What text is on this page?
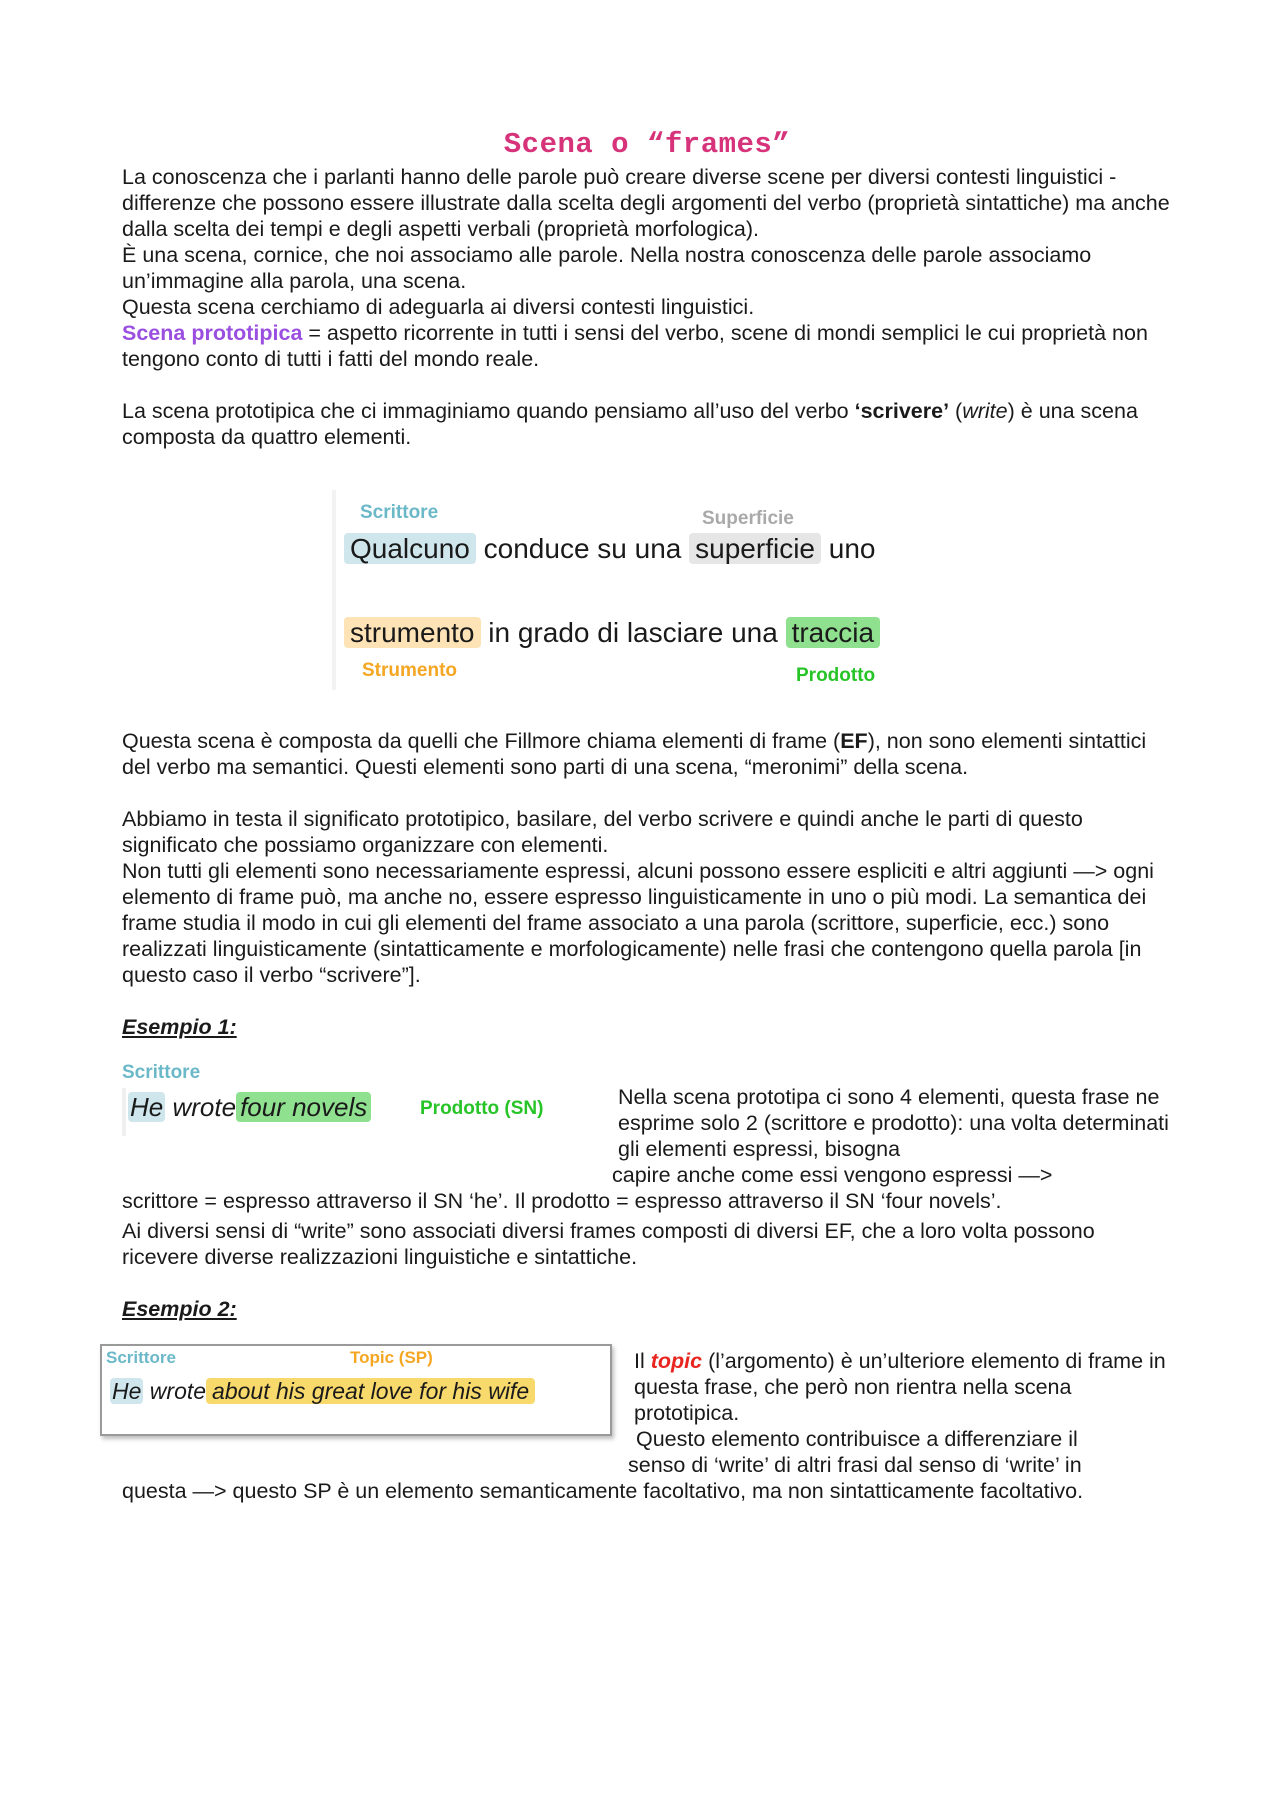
Scena o “frames”

La conoscenza che i parlanti hanno delle parole può creare diverse scene per diversi contesti linguistici - differenze che possono essere illustrate dalla scelta degli argomenti del verbo (proprietà sintattiche) ma anche dalla scelta dei tempi e degli aspetti verbali (proprietà morfologica).

È una scena, cornice, che noi associamo alle parole. Nella nostra conoscenza delle parole associamo un’immagine alla parola, una scena.

Questa scena cerchiamo di adeguarla ai diversi contesti linguistici.

Scena prototipica = aspetto ricorrente in tutti i sensi del verbo, scene di mondi semplici le cui proprietà non tengono conto di tutti i fatti del mondo reale.

La scena prototipica che ci immaginiamo quando pensiamo all’uso del verbo ‘scrivere’ (write) è una scena composta da quattro elementi.

Scrittore	Superficie
Qualcuno conduce su una superficie uno
strumento in grado di lasciare una traccia
Strumento	Prodotto

Questa scena è composta da quelli che Fillmore chiama elementi di frame (EF), non sono elementi sintattici del verbo ma semantici. Questi elementi sono parti di una scena, “meronimi” della scena.

Abbiamo in testa il significato prototipico, basilare, del verbo scrivere e quindi anche le parti di questo significato che possiamo organizzare con elementi.

Non tutti gli elementi sono necessariamente espressi, alcuni possono essere espliciti e altri aggiunti —> ogni elemento di frame può, ma anche no, essere espresso linguisticamente in uno o più modi. La semantica dei frame studia il modo in cui gli elementi del frame associato a una parola (scrittore, superficie, ecc.) sono realizzati linguisticamente (sintatticamente e morfologicamente) nelle frasi che contengono quella parola [in questo caso il verbo “scrivere”].

Esempio 1:

Scrittore
He wrote four novels	Prodotto (SN)	Nella scena prototipa ci sono 4 elementi, questa frase ne esprime solo 2 (scrittore e prodotto): una volta determinati gli elementi espressi, bisogna
capire anche come essi vengono espressi —>
scrittore = espresso attraverso il SN ‘he’. Il prodotto = espresso attraverso il SN ‘four novels’.

Ai diversi sensi di “write” sono associati diversi frames composti di diversi EF, che a loro volta possono ricevere diverse realizzazioni linguistiche e sintattiche.

Esempio 2:

Scrittore	Topic (SP)
He wrote about his great love for his wife
Il topic (l’argomento) è un’ulteriore elemento di frame in questa frase, che però non rientra nella scena prototipica.
Questo elemento contribuisce a differenziare il
senso di ‘write’ di altri frasi dal senso di ‘write’ in
questa —> questo SP è un elemento semanticamente facoltativo, ma non sintatticamente facoltativo.
